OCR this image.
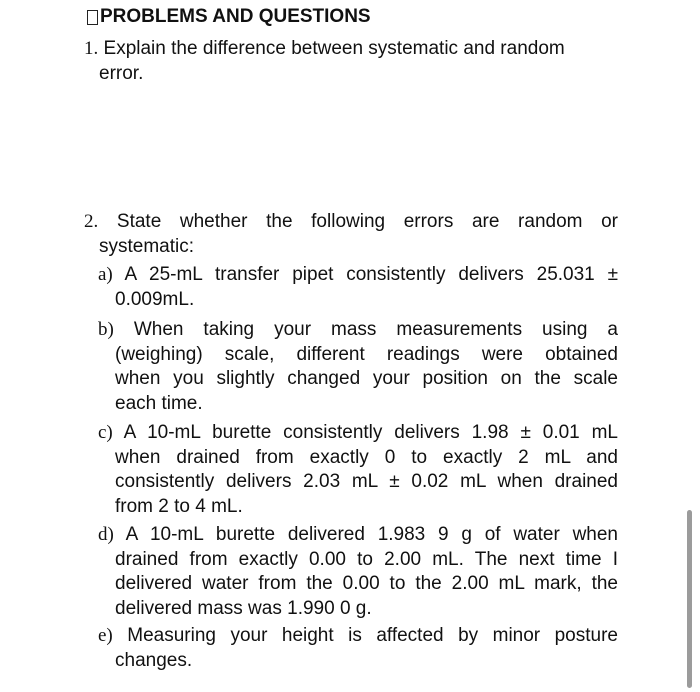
PROBLEMS AND QUESTIONS
1. Explain the difference between systematic and random
error.
2. State whether the following errors are random or
systematic:
a) A 25-mL transfer pipet consistently delivers 25.031 ±
0.009mL.
b) When taking your mass measurements using a
(weighing) scale, different readings were obtained
when you slightly changed your position on the scale
each time.
c) A 10-mL burette consistently delivers 1.98 ± 0.01 mL
when drained from exactly 0 to exactly 2 mL and
consistently delivers 2.03 mL ± 0.02 mL when drained
from 2 to 4 mL.
d) A 10-mL burette delivered 1.983 9 g of water when
drained from exactly 0.00 to 2.00 mL. The next time I
delivered water from the 0.00 to the 2.00 mL mark, the
delivered mass was 1.990 0 g.
e) Measuring your height is affected by minor posture
changes.
